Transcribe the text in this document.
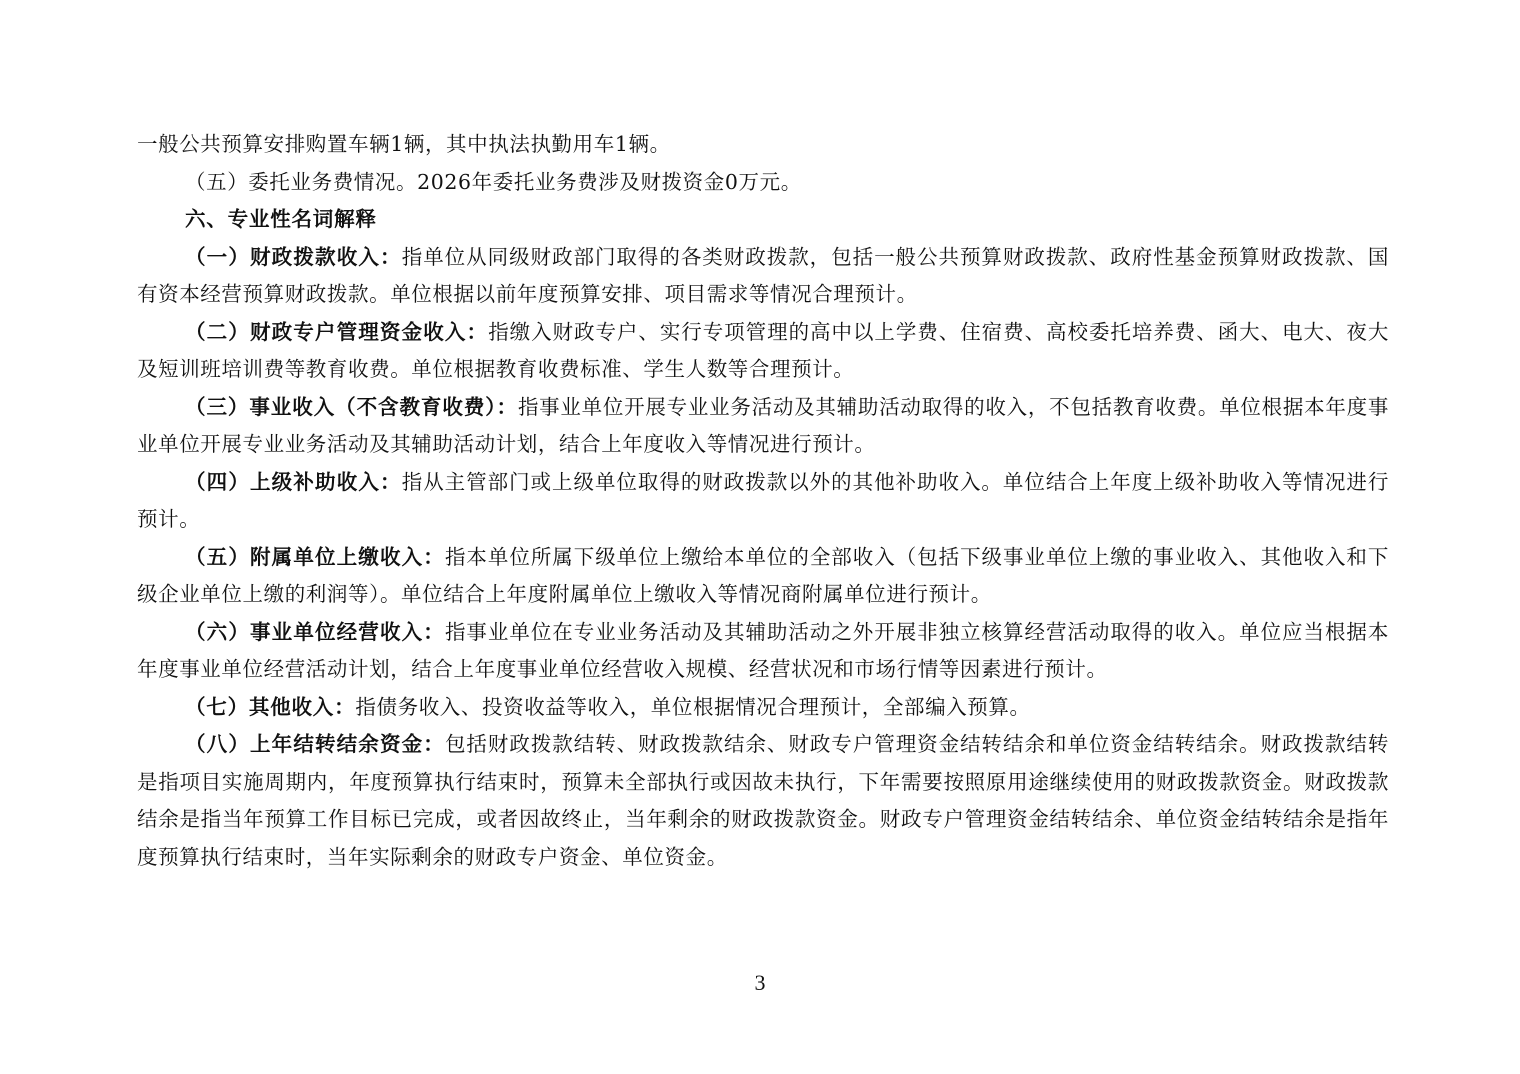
一般公共预算安排购置车辆1辆，其中执法执勤用车1辆。

（五）委托业务费情况。2026年委托业务费涉及财拨资金0万元。

六、专业性名词解释

（一）财政拨款收入：指单位从同级财政部门取得的各类财政拨款，包括一般公共预算财政拨款、政府性基金预算财政拨款、国有资本经营预算财政拨款。单位根据以前年度预算安排、项目需求等情况合理预计。

（二）财政专户管理资金收入：指缴入财政专户、实行专项管理的高中以上学费、住宿费、高校委托培养费、函大、电大、夜大及短训班培训费等教育收费。单位根据教育收费标准、学生人数等合理预计。

（三）事业收入（不含教育收费）：指事业单位开展专业业务活动及其辅助活动取得的收入，不包括教育收费。单位根据本年度事业单位开展专业业务活动及其辅助活动计划，结合上年度收入等情况进行预计。

（四）上级补助收入：指从主管部门或上级单位取得的财政拨款以外的其他补助收入。单位结合上年度上级补助收入等情况进行预计。

（五）附属单位上缴收入：指本单位所属下级单位上缴给本单位的全部收入（包括下级事业单位上缴的事业收入、其他收入和下级企业单位上缴的利润等）。单位结合上年度附属单位上缴收入等情况商附属单位进行预计。

（六）事业单位经营收入：指事业单位在专业业务活动及其辅助活动之外开展非独立核算经营活动取得的收入。单位应当根据本年度事业单位经营活动计划，结合上年度事业单位经营收入规模、经营状况和市场行情等因素进行预计。

（七）其他收入：指债务收入、投资收益等收入，单位根据情况合理预计，全部编入预算。

（八）上年结转结余资金：包括财政拨款结转、财政拨款结余、财政专户管理资金结转结余和单位资金结转结余。财政拨款结转是指项目实施周期内，年度预算执行结束时，预算未全部执行或因故未执行，下年需要按照原用途继续使用的财政拨款资金。财政拨款结余是指当年预算工作目标已完成，或者因故终止，当年剩余的财政拨款资金。财政专户管理资金结转结余、单位资金结转结余是指年度预算执行结束时，当年实际剩余的财政专户资金、单位资金。

3
